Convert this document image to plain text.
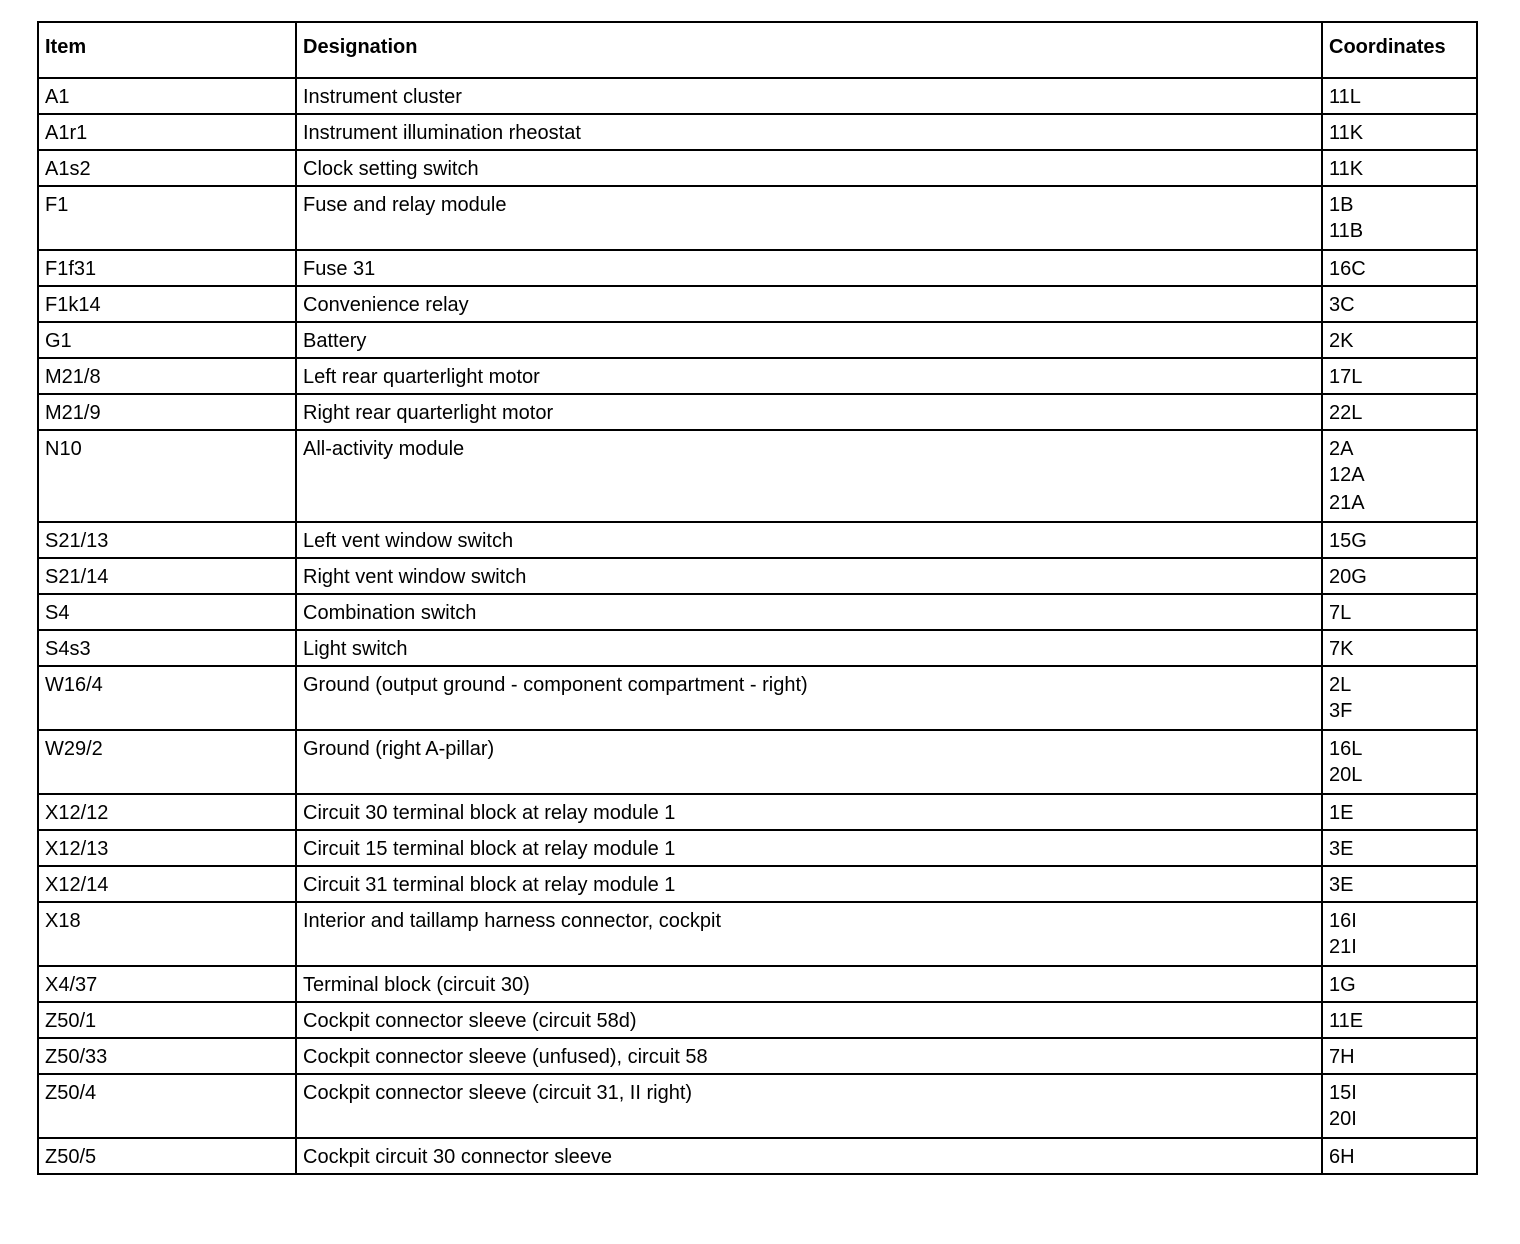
Item	Designation	Coordinates
A1	Instrument cluster	11L

A1r1	Instrument illumination rheostat	11K

A1s2	Clock setting switch	11K

F1	Fuse and relay module	1B
11B

F1f31	Fuse 31	16C

F1k14	Convenience relay	3C

G1	Battery	2K

M21/8	Left rear quarterlight motor	17L

M21/9	Right rear quarterlight motor	22L

N10	All-activity module	2A
12A
21A

S21/13	Left vent window switch	15G

S21/14	Right vent window switch	20G

S4	Combination switch	7L

S4s3	Light switch	7K

W16/4	Ground (output ground - component compartment - right)	2L
3F

W29/2	Ground (right A-pillar)	16L
20L

X12/12	Circuit 30 terminal block at relay module 1	1E

X12/13	Circuit 15 terminal block at relay module 1	3E

X12/14	Circuit 31 terminal block at relay module 1	3E

X18	Interior and taillamp harness connector, cockpit	16I
21I

X4/37	Terminal block (circuit 30)	1G

Z50/1	Cockpit connector sleeve (circuit 58d)	11E

Z50/33	Cockpit connector sleeve (unfused), circuit 58	7H

Z50/4	Cockpit connector sleeve (circuit 31, II right)	15I
20I

Z50/5	Cockpit circuit 30 connector sleeve	6H
